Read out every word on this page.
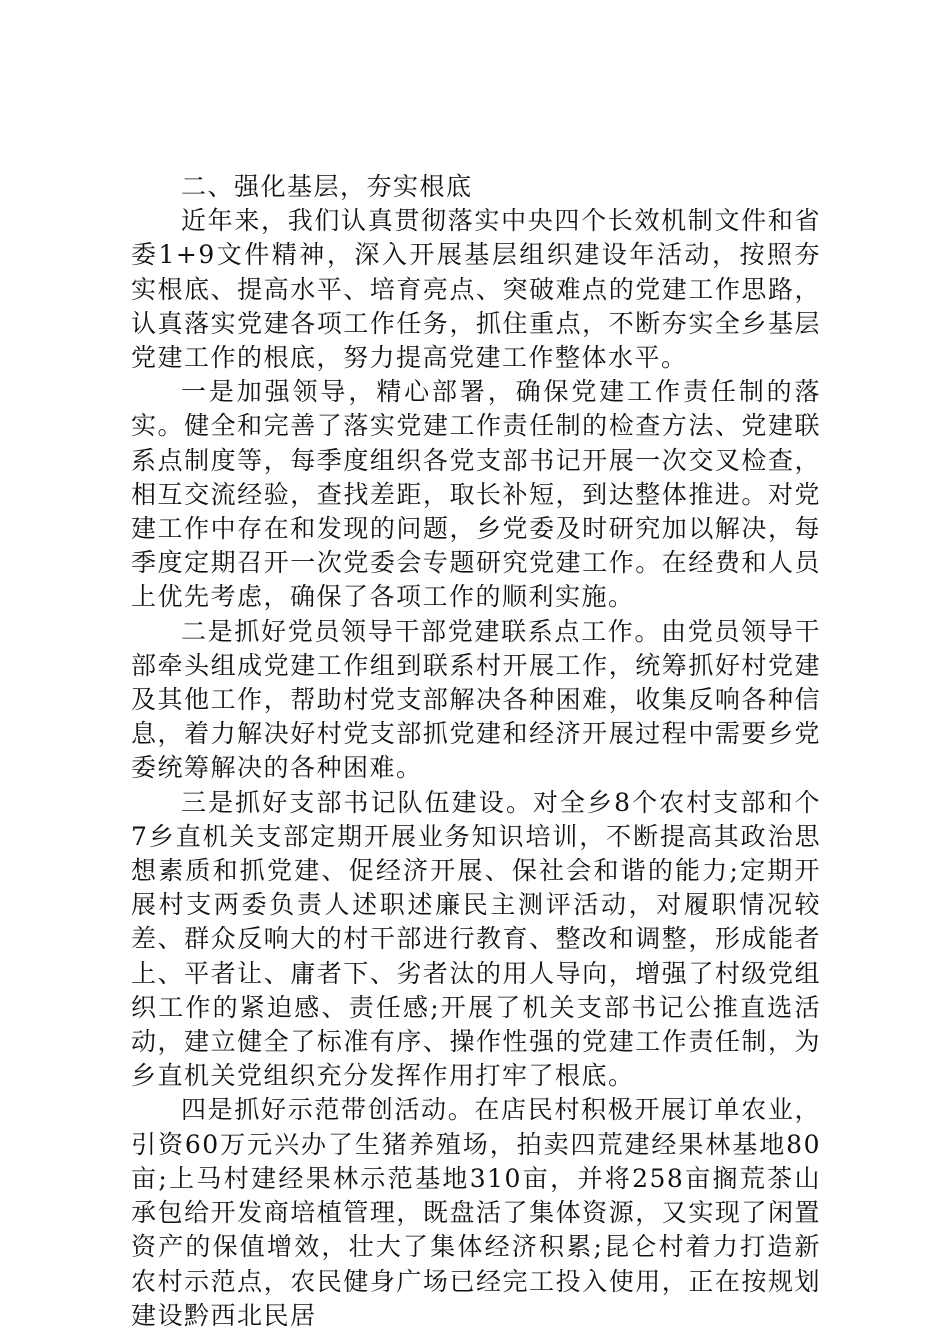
二、强化基层，夯实根底

近年来，我们认真贯彻落实中央四个长效机制文件和省委1+9文件精神，深入开展基层组织建设年活动，按照夯实根底、提高水平、培育亮点、突破难点的党建工作思路，认真落实党建各项工作任务，抓住重点，不断夯实全乡基层党建工作的根底，努力提高党建工作整体水平。

一是加强领导，精心部署，确保党建工作责任制的落实。健全和完善了落实党建工作责任制的检查方法、党建联系点制度等，每季度组织各党支部书记开展一次交叉检查，相互交流经验，查找差距，取长补短，到达整体推进。对党建工作中存在和发现的问题，乡党委及时研究加以解决，每季度定期召开一次党委会专题研究党建工作。在经费和人员上优先考虑，确保了各项工作的顺利实施。

二是抓好党员领导干部党建联系点工作。由党员领导干部牵头组成党建工作组到联系村开展工作，统筹抓好村党建及其他工作，帮助村党支部解决各种困难，收集反响各种信息，着力解决好村党支部抓党建和经济开展过程中需要乡党委统筹解决的各种困难。

三是抓好支部书记队伍建设。对全乡8个农村支部和个7乡直机关支部定期开展业务知识培训，不断提高其政治思想素质和抓党建、促经济开展、保社会和谐的能力;定期开展村支两委负责人述职述廉民主测评活动，对履职情况较差、群众反响大的村干部进行教育、整改和调整，形成能者上、平者让、庸者下、劣者汰的用人导向，增强了村级党组织工作的紧迫感、责任感;开展了机关支部书记公推直选活动，建立健全了标准有序、操作性强的党建工作责任制，为乡直机关党组织充分发挥作用打牢了根底。

四是抓好示范带创活动。在店民村积极开展订单农业，引资60万元兴办了生猪养殖场，拍卖四荒建经果林基地80亩;上马村建经果林示范基地310亩，并将258亩搁荒茶山承包给开发商培植管理，既盘活了集体资源，又实现了闲置资产的保值增效，壮大了集体经济积累;昆仑村着力打造新农村示范点，农民健身广场已经完工投入使用，正在按规划建设黔西北民居
